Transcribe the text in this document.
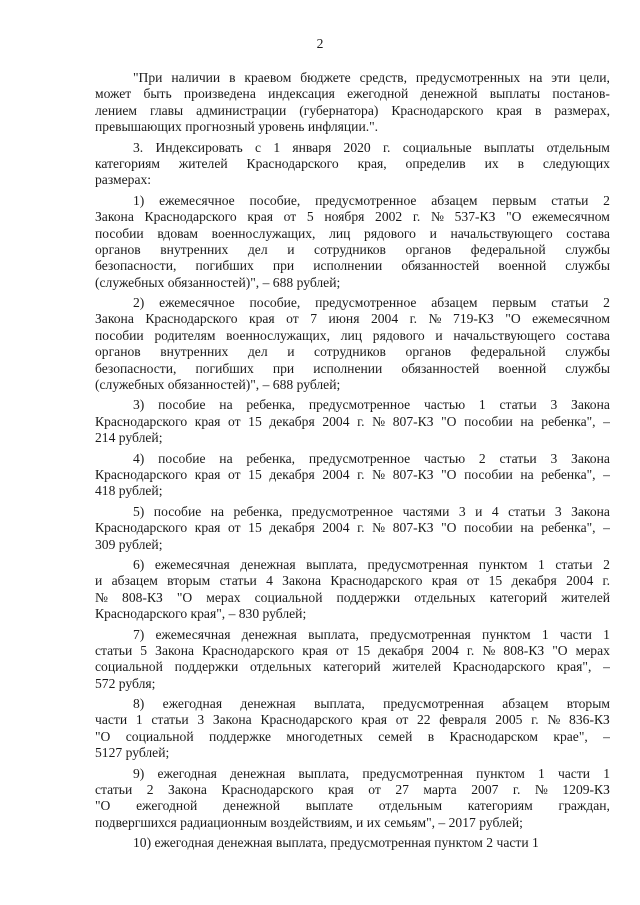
2
"При наличии в краевом бюджете средств, предусмотренных на эти цели,
может быть произведена индексация ежегодной денежной выплаты постанов-
лением главы администрации (губернатора) Краснодарского края в размерах,
превышающих прогнозный уровень инфляции.".
3. Индексировать с 1 января 2020 г. социальные выплаты отдельным
категориям жителей Краснодарского края, определив их в следующих
размерах:
1) ежемесячное пособие, предусмотренное абзацем первым статьи 2
Закона Краснодарского края от 5 ноября 2002 г. № 537-КЗ "О ежемесячном
пособии вдовам военнослужащих, лиц рядового и начальствующего состава
органов внутренних дел и сотрудников органов федеральной службы
безопасности, погибших при исполнении обязанностей военной службы
(служебных обязанностей)", – 688 рублей;
2) ежемесячное пособие, предусмотренное абзацем первым статьи 2
Закона Краснодарского края от 7 июня 2004 г. № 719-КЗ "О ежемесячном
пособии родителям военнослужащих, лиц рядового и начальствующего состава
органов внутренних дел и сотрудников органов федеральной службы
безопасности, погибших при исполнении обязанностей военной службы
(служебных обязанностей)", – 688 рублей;
3) пособие на ребенка, предусмотренное частью 1 статьи 3 Закона
Краснодарского края от 15 декабря 2004 г. № 807-КЗ "О пособии на ребенка", –
214 рублей;
4) пособие на ребенка, предусмотренное частью 2 статьи 3 Закона
Краснодарского края от 15 декабря 2004 г. № 807-КЗ "О пособии на ребенка", –
418 рублей;
5) пособие на ребенка, предусмотренное частями 3 и 4 статьи 3 Закона
Краснодарского края от 15 декабря 2004 г. № 807-КЗ "О пособии на ребенка", –
309 рублей;
6) ежемесячная денежная выплата, предусмотренная пунктом 1 статьи 2
и абзацем вторым статьи 4 Закона Краснодарского края от 15 декабря 2004 г.
№ 808-КЗ "О мерах социальной поддержки отдельных категорий жителей
Краснодарского края", – 830 рублей;
7) ежемесячная денежная выплата, предусмотренная пунктом 1 части 1
статьи 5 Закона Краснодарского края от 15 декабря 2004 г. № 808-КЗ "О мерах
социальной поддержки отдельных категорий жителей Краснодарского края", –
572 рубля;
8) ежегодная денежная выплата, предусмотренная абзацем вторым
части 1 статьи 3 Закона Краснодарского края от 22 февраля 2005 г. № 836-КЗ
"О социальной поддержке многодетных семей в Краснодарском крае", –
5127 рублей;
9) ежегодная денежная выплата, предусмотренная пунктом 1 части 1
статьи 2 Закона Краснодарского края от 27 марта 2007 г. № 1209-КЗ
"О ежегодной денежной выплате отдельным категориям граждан,
подвергшихся радиационным воздействиям, и их семьям", – 2017 рублей;
10) ежегодная денежная выплата, предусмотренная пунктом 2 части 1
